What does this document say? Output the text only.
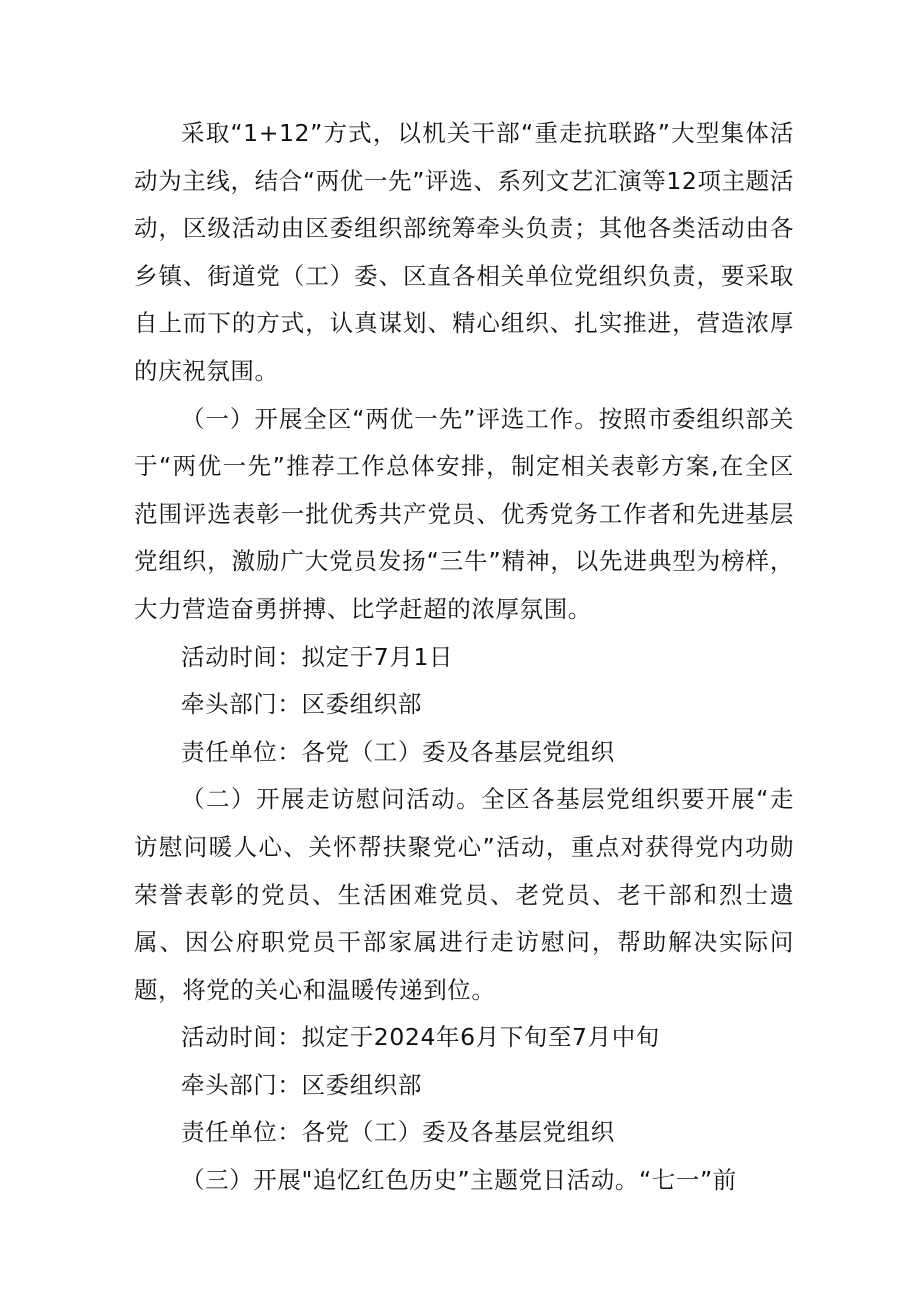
采取“1+12”方式，以机关干部“重走抗联路”大型集体活动为主线，结合“两优一先”评选、系列文艺汇演等12项主题活动，区级活动由区委组织部统筹牵头负责；其他各类活动由各乡镇、街道党（工）委、区直各相关单位党组织负责，要采取自上而下的方式，认真谋划、精心组织、扎实推进，营造浓厚的庆祝氛围。

（一）开展全区“两优一先”评选工作。按照市委组织部关于“两优一先”推荐工作总体安排，制定相关表彰方案,在全区范围评选表彰一批优秀共产党员、优秀党务工作者和先进基层党组织，激励广大党员发扬“三牛”精神，以先进典型为榜样，大力营造奋勇拼搏、比学赶超的浓厚氛围。

活动时间：拟定于7月1日

牵头部门：区委组织部

责任单位：各党（工）委及各基层党组织

（二）开展走访慰问活动。全区各基层党组织要开展“走访慰问暖人心、关怀帮扶聚党心”活动，重点对获得党内功勋荣誉表彰的党员、生活困难党员、老党员、老干部和烈士遗属、因公府职党员干部家属进行走访慰问，帮助解决实际问题，将党的关心和温暖传递到位。

活动时间：拟定于2024年6月下旬至7月中旬

牵头部门：区委组织部

责任单位：各党（工）委及各基层党组织

（三）开展"追忆红色历史”主题党日活动。“七一”前
